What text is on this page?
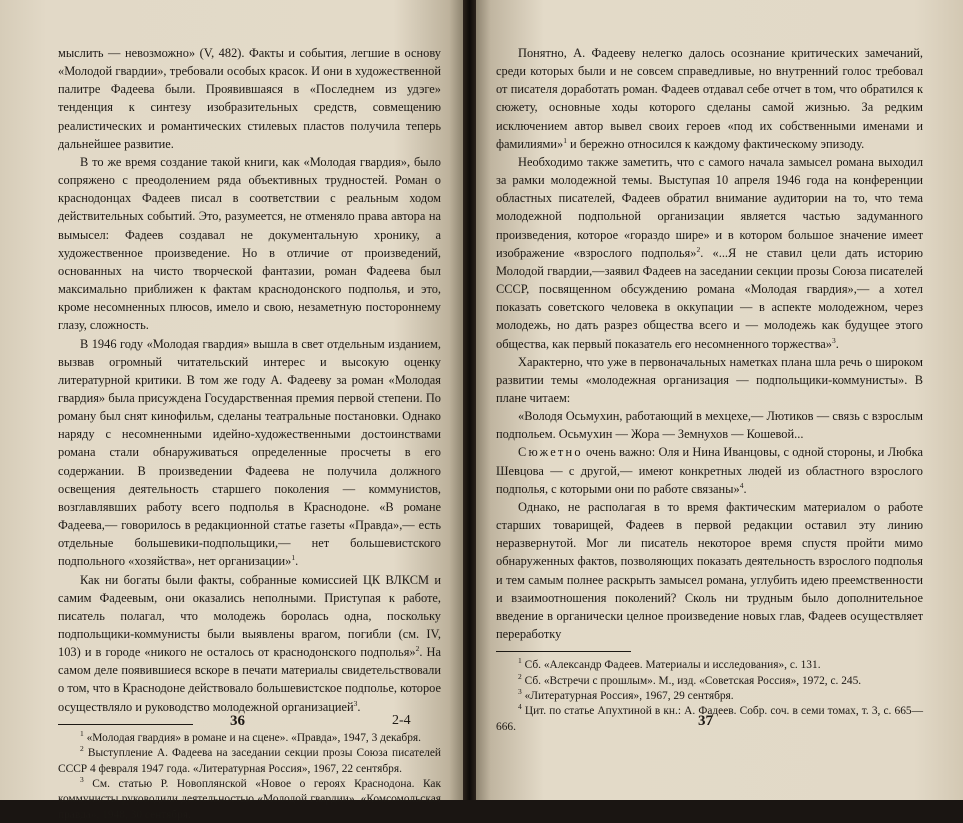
мыслить — невозможно» (V, 482). Факты и события, легшие в основу «Молодой гвардии», требовали особых красок. И они в художественной палитре Фадеева были. Проявившаяся в «Последнем из удэге» тенденция к синтезу изобразительных средств, совмещению реалистических и романтических стилевых пластов получила теперь дальнейшее развитие.

В то же время создание такой книги, как «Молодая гвардия», было сопряжено с преодолением ряда объективных трудностей. Роман о краснодонцах Фадеев писал в соответствии с реальным ходом действительных событий. Это, разумеется, не отменяло права автора на вымысел: Фадеев создавал не документальную хронику, а художественное произведение. Но в отличие от произведений, основанных на чисто творческой фантазии, роман Фадеева был максимально приближен к фактам краснодонского подполья, и это, кроме несомненных плюсов, имело и свою, незаметную постороннему глазу, сложность.

В 1946 году «Молодая гвардия» вышла в свет отдельным изданием, вызвав огромный читательский интерес и высокую оценку литературной критики. В том же году А. Фадееву за роман «Молодая гвардия» была присуждена Государственная премия первой степени. По роману был снят кинофильм, сделаны театральные постановки. Однако наряду с несомненными идейно-художественными достоинствами романа стали обнаруживаться определенные просчеты в его содержании. В произведении Фадеева не получила должного освещения деятельность старшего поколения — коммунистов, возглавлявших работу всего подполья в Краснодоне. «В романе Фадеева,— говорилось в редакционной статье газеты «Правда»,— есть отдельные большевики-подпольщики,— нет большевистского подпольного «хозяйства», нет организации»$^1$.

Как ни богаты были факты, собранные комиссией ЦК ВЛКСМ и самим Фадеевым, они оказались неполными. Приступая к работе, писатель полагал, что молодежь боролась одна, поскольку подпольщики-коммунисты были выявлены врагом, погибли (см. IV, 103) и в городе «никого не осталось от краснодонского подполья»$^2$. На самом деле появившиеся вскоре в печати материалы свидетельствовали о том, что в Краснодоне действовало большевистское подполье, которое осуществляло и руководство молодежной организацией$^3$.

$^1$ «Молодая гвардия» в романе и на сцене». «Правда», 1947, 3 декабря.

$^2$ Выступление А. Фадеева на заседании секции прозы Союза писателей СССР 4 февраля 1947 года. «Литературная Россия», 1967, 22 сентября.

$^3$ См. статью Р. Новоплянской «Новое о героях Краснодона. Как коммунисты руководили деятельностью «Молодой гвардии». «Комсомольская правда», 1948, 30 сентября.

36	2-4

Понятно, А. Фадееву нелегко далось осознание критических замечаний, среди которых были и не совсем справедливые, но внутренний голос требовал от писателя доработать роман. Фадеев отдавал себе отчет в том, что обратился к сюжету, основные ходы которого сделаны самой жизнью. За редким исключением автор вывел своих героев «под их собственными именами и фамилиями»$^1$ и бережно относился к каждому фактическому эпизоду.

Необходимо также заметить, что с самого начала замысел романа выходил за рамки молодежной темы. Выступая 10 апреля 1946 года на конференции областных писателей, Фадеев обратил внимание аудитории на то, что тема молодежной подпольной организации является частью задуманного произведения, которое «гораздо шире» и в котором большое значение имеет изображение «взрослого подполья»$^2$. «...Я не ставил цели дать историю Молодой гвардии,—заявил Фадеев на заседании секции прозы Союза писателей СССР, посвященном обсуждению романа «Молодая гвардия»,— а хотел показать советского человека в оккупации — в аспекте молодежном, через молодежь, но дать разрез общества всего и — молодежь как будущее этого общества, как первый показатель его несомненного торжества»$^3$.

Характерно, что уже в первоначальных наметках плана шла речь о широком развитии темы «молодежная организация — подпольщики-коммунисты». В плане читаем:

«Володя Осьмухин, работающий в мехцехе,— Лютиков — связь с взрослым подпольем. Осьмухин — Жора — Земнухов — Кошевой...

Сюжетно очень важно: Оля и Нина Иванцовы, с одной стороны, и Любка Шевцова — с другой,— имеют конкретных людей из областного взрослого подполья, с которыми они по работе связаны»$^4$.

Однако, не располагая в то время фактическим материалом о работе старших товарищей, Фадеев в первой редакции оставил эту линию неразвернутой. Мог ли писатель некоторое время спустя пройти мимо обнаруженных фактов, позволяющих показать деятельность взрослого подполья и тем самым полнее раскрыть замысел романа, углубить идею преемственности и взаимоотношения поколений? Сколь ни трудным было дополнительное введение в органически целное произведение новых глав, Фадеев осуществляет переработку

$^1$ Сб. «Александр Фадеев. Материалы и исследования», с. 131.

$^2$ Сб. «Встречи с прошлым». М., изд. «Советская Россия», 1972, с. 245.

$^3$ «Литературная Россия», 1967, 29 сентября.

$^4$ Цит. по статье Апухтиной в кн.: А. Фадеев. Собр. соч. в семи томах, т. 3, с. 665—666.	37
